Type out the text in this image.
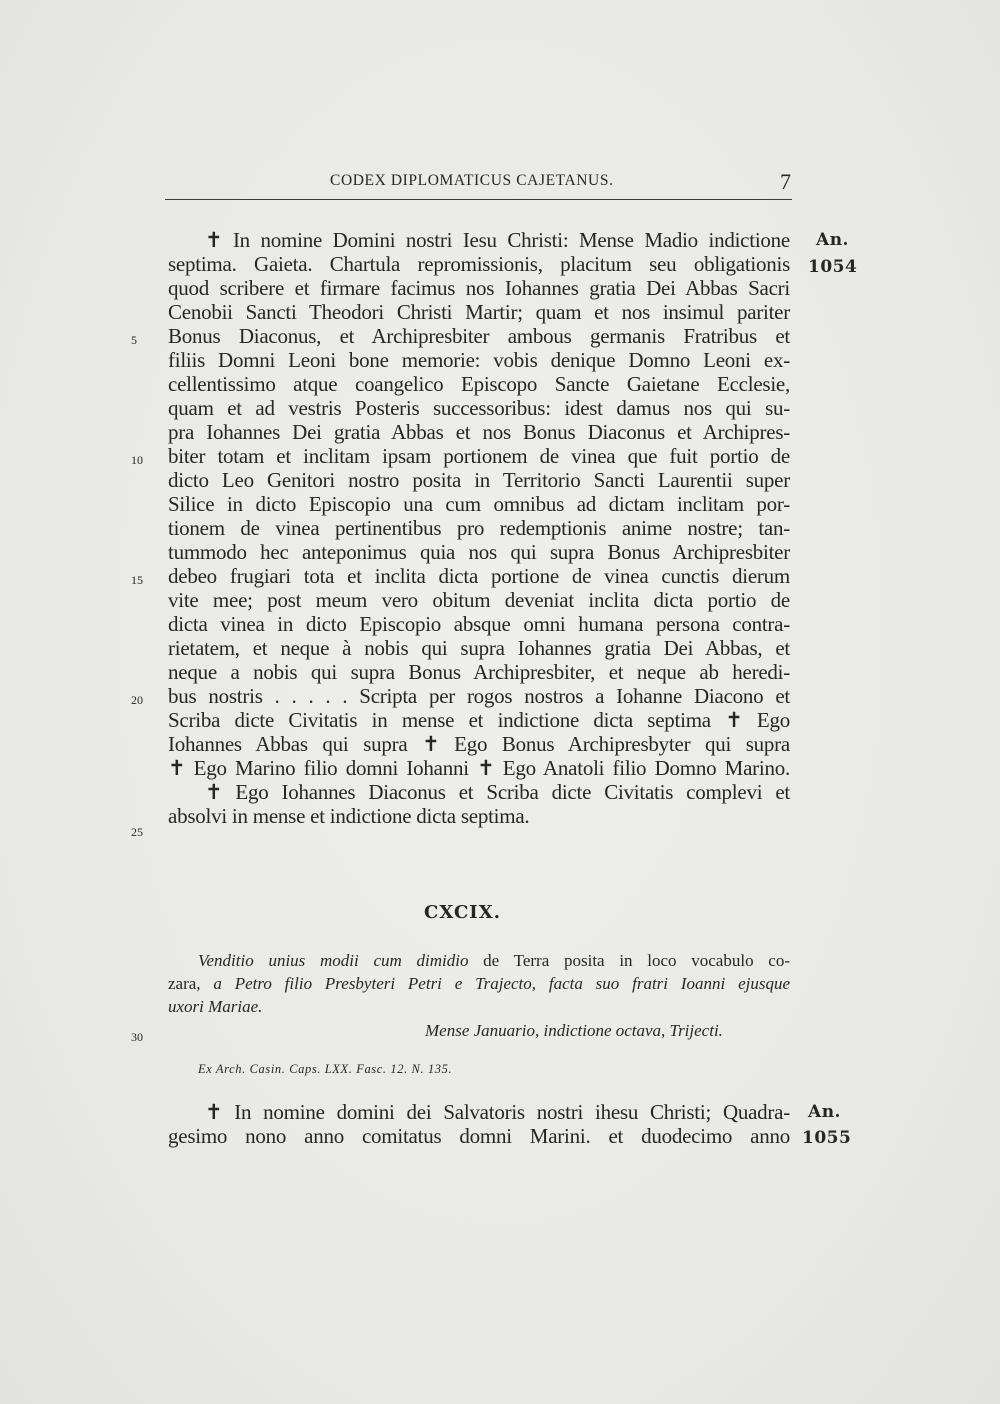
CODEX DIPLOMATICUS CAJETANUS.	7
✝ In nomine Domini nostri Iesu Christi: Mense Madio indictione
septima. Gaieta. Chartula repromissionis, placitum seu obligationis
quod scribere et firmare facimus nos Iohannes gratia Dei Abbas Sacri
Cenobii Sancti Theodori Christi Martir; quam et nos insimul pariter
Bonus Diaconus, et Archipresbiter ambous germanis Fratribus et
filiis Domni Leoni bone memorie: vobis denique Domno Leoni ex-
cellentissimo atque coangelico Episcopo Sancte Gaietane Ecclesie,
quam et ad vestris Posteris successoribus: idest damus nos qui su-
pra Iohannes Dei gratia Abbas et nos Bonus Diaconus et Archipres-
biter totam et inclitam ipsam portionem de vinea que fuit portio de
dicto Leo Genitori nostro posita in Territorio Sancti Laurentii super
Silice in dicto Episcopio una cum omnibus ad dictam inclitam por-
tionem de vinea pertinentibus pro redemptionis anime nostre; tan-
tummodo hec anteponimus quia nos qui supra Bonus Archipresbiter
debeo frugiari tota et inclita dicta portione de vinea cunctis dierum
vite mee; post meum vero obitum deveniat inclita dicta portio de
dicta vinea in dicto Episcopio absque omni humana persona contra-
rietatem, et neque à nobis qui supra Iohannes gratia Dei Abbas, et
neque a nobis qui supra Bonus Archipresbiter, et neque ab heredi-
bus nostris . . . . . Scripta per rogos nostros a Iohanne Diacono et
Scriba dicte Civitatis in mense et indictione dicta septima ✝ Ego
Iohannes Abbas qui supra ✝ Ego Bonus Archipresbyter qui supra
✝ Ego Marino filio domni Iohanni ✝ Ego Anatoli filio Domno Marino.
✝ Ego Iohannes Diaconus et Scriba dicte Civitatis complevi et
absolvi in mense et indictione dicta septima.
5
10
15
20
25
30
An.
1054
CXCIX.
Venditio unius modii cum dimidio de Terra posita in loco vocabulo co-
zara, a Petro filio Presbyteri Petri e Trajecto, facta suo fratri Ioanni ejusque
uxori Mariae.
Mense Januario, indictione octava, Trijecti.
Ex Arch. Casin. Caps. LXX. Fasc. 12. N. 135.
✝ In nomine domini dei Salvatoris nostri ihesu Christi; Quadra-
gesimo nono anno comitatus domni Marini. et duodecimo anno
An.
1055
